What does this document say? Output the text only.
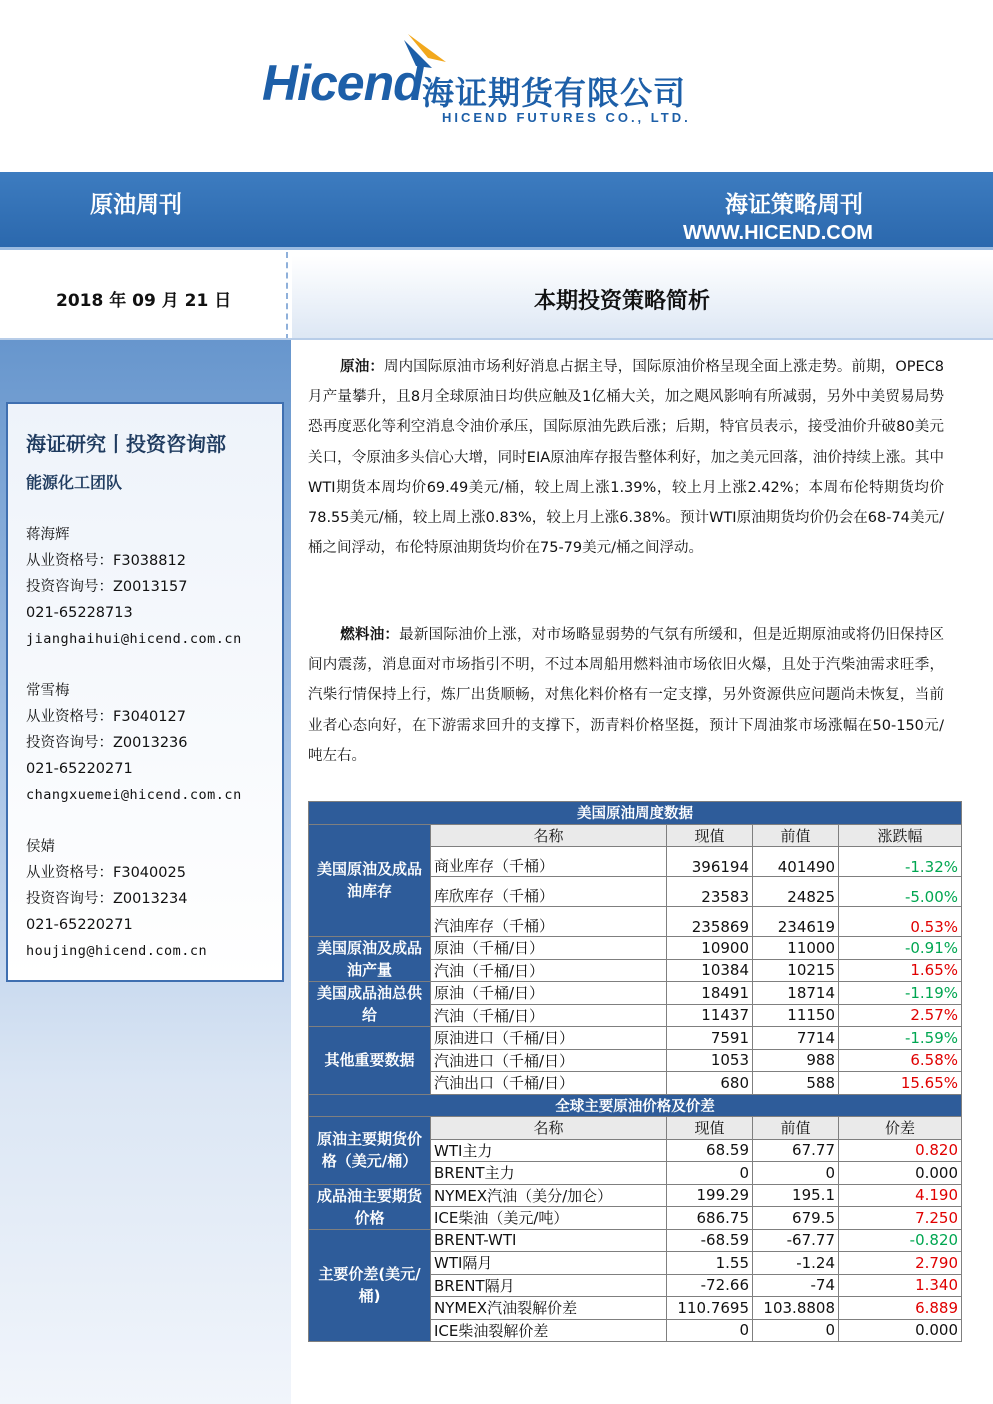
Hicend 海证期货有限公司
HICEND FUTURES CO., LTD.
原油周刊	海证策略周刊
WWW.HICEND.COM
2018 年 09 月 21 日	本期投资策略简析
海证研究丨投资咨询部
能源化工团队
蒋海辉
从业资格号：F3038812
投资咨询号：Z0013157
021-65228713
jianghaihui@hicend.com.cn
常雪梅
从业资格号：F3040127
投资咨询号：Z0013236
021-65220271
changxuemei@hicend.com.cn
侯婧
从业资格号：F3040025
投资咨询号：Z0013234
021-65220271
houjing@hicend.com.cn
原油：周内国际原油市场利好消息占据主导，国际原油价格呈现全面上涨走势。前期，OPEC8月产量攀升，且8月全球原油日均供应触及1亿桶大关，加之飓风影响有所减弱，另外中美贸易局势恐再度恶化等利空消息令油价承压，国际原油先跌后涨；后期，特官员表示，接受油价升破80美元关口，令原油多头信心大增，同时EIA原油库存报告整体利好，加之美元回落，油价持续上涨。其中WTI期货本周均价69.49美元/桶，较上周上涨1.39%，较上月上涨2.42%；本周布伦特期货均价78.55美元/桶，较上周上涨0.83%，较上月上涨6.38%。预计WTI原油期货均价仍会在68-74美元/桶之间浮动，布伦特原油期货均价在75-79美元/桶之间浮动。
燃料油：最新国际油价上涨，对市场略显弱势的气氛有所缓和，但是近期原油或将仍旧保持区间内震荡，消息面对市场指引不明，不过本周船用燃料油市场依旧火爆，且处于汽柴油需求旺季，汽柴行情保持上行，炼厂出货顺畅，对焦化料价格有一定支撑，另外资源供应问题尚未恢复，当前业者心态向好，在下游需求回升的支撑下，沥青料价格坚挺，预计下周油浆市场涨幅在50-150元/吨左右。
美国原油周度数据				
美国原油及成品油库存	名称	现值	前值	涨跌幅
	商业库存（千桶）	396194	401490	-1.32%
	库欣库存（千桶）	23583	24825	-5.00%
	汽油库存（千桶）	235869	234619	0.53%
美国原油及成品油产量	原油（千桶/日）	10900	11000	-0.91%
	汽油（千桶/日）	10384	10215	1.65%
美国成品油总供给	原油（千桶/日）	18491	18714	-1.19%
	汽油（千桶/日）	11437	11150	2.57%
其他重要数据	原油进口（千桶/日）	7591	7714	-1.59%
	汽油进口（千桶/日）	1053	988	6.58%
	汽油出口（千桶/日）	680	588	15.65%
全球主要原油价格及价差				
原油主要期货价格（美元/桶）	名称	现值	前值	价差
	WTI主力	68.59	67.77	0.820
	BRENT主力	0	0	0.000
成品油主要期货价格	NYMEX汽油（美分/加仑）	199.29	195.1	4.190
	ICE柴油（美元/吨）	686.75	679.5	7.250
主要价差(美元/桶)	BRENT-WTI	-68.59	-67.77	-0.820
	WTI隔月	1.55	-1.24	2.790
	BRENT隔月	-72.66	-74	1.340
	NYMEX汽油裂解价差	110.7695	103.8808	6.889
	ICE柴油裂解价差	0	0	0.000
